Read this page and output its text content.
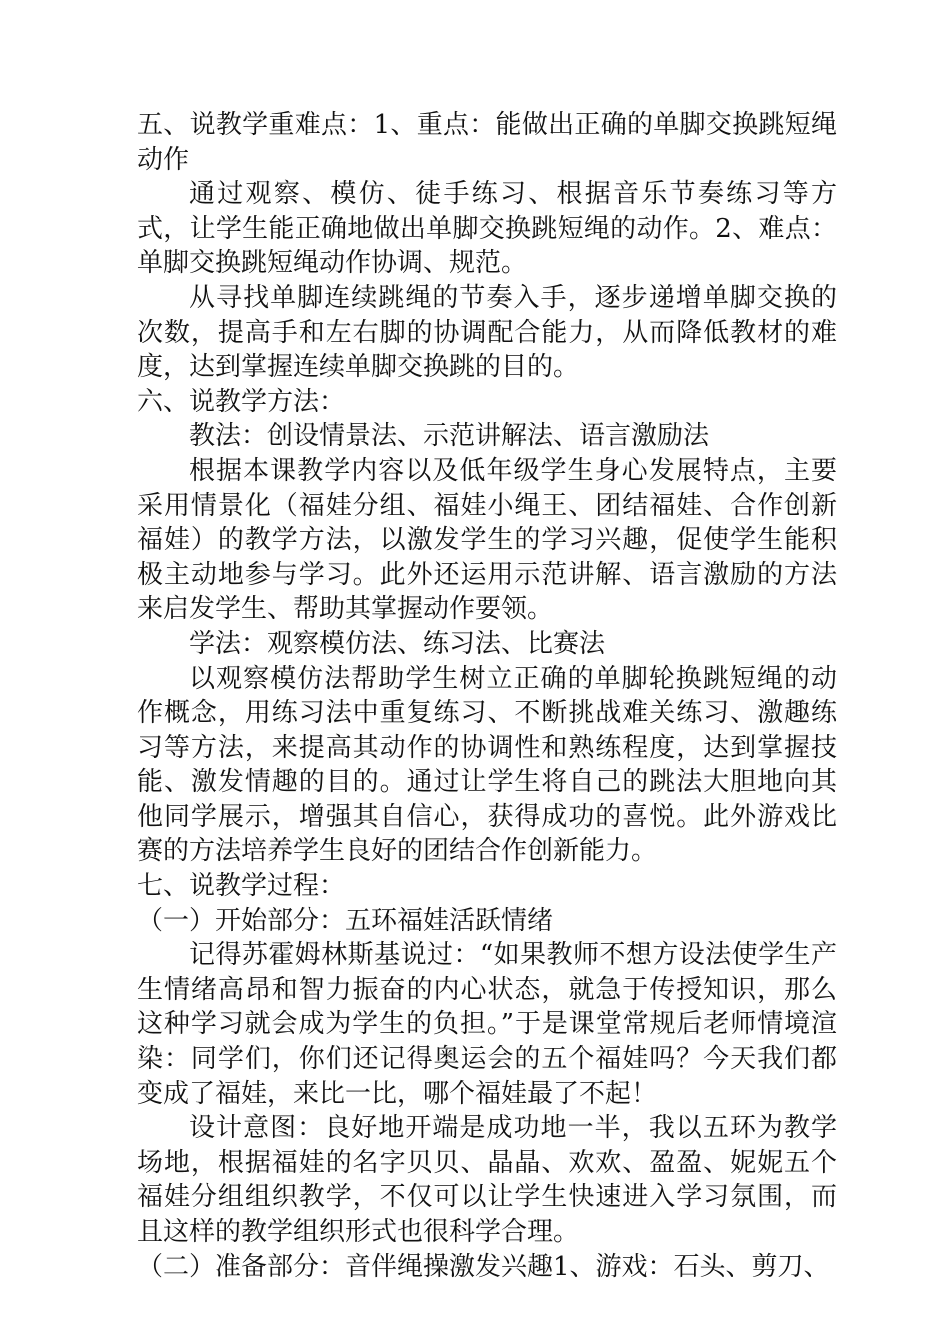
五、说教学重难点：1、重点：能做出正确的单脚交换跳短绳动作

通过观察、模仿、徒手练习、根据音乐节奏练习等方式，让学生能正确地做出单脚交换跳短绳的动作。2、难点：单脚交换跳短绳动作协调、规范。

从寻找单脚连续跳绳的节奏入手，逐步递增单脚交换的次数，提高手和左右脚的协调配合能力，从而降低教材的难度，达到掌握连续单脚交换跳的目的。

六、说教学方法：

教法：创设情景法、示范讲解法、语言激励法

根据本课教学内容以及低年级学生身心发展特点，主要采用情景化（福娃分组、福娃小绳王、团结福娃、合作创新福娃）的教学方法，以激发学生的学习兴趣，促使学生能积极主动地参与学习。此外还运用示范讲解、语言激励的方法来启发学生、帮助其掌握动作要领。

学法：观察模仿法、练习法、比赛法

以观察模仿法帮助学生树立正确的单脚轮换跳短绳的动作概念，用练习法中重复练习、不断挑战难关练习、激趣练习等方法，来提高其动作的协调性和熟练程度，达到掌握技能、激发情趣的目的。通过让学生将自己的跳法大胆地向其他同学展示，增强其自信心，获得成功的喜悦。此外游戏比赛的方法培养学生良好的团结合作创新能力。

七、说教学过程：

（一）开始部分：五环福娃活跃情绪

记得苏霍姆林斯基说过：“如果教师不想方设法使学生产生情绪高昂和智力振奋的内心状态，就急于传授知识，那么这种学习就会成为学生的负担。”于是课堂常规后老师情境渲染：同学们，你们还记得奥运会的五个福娃吗？今天我们都变成了福娃，来比一比，哪个福娃最了不起！

设计意图：良好地开端是成功地一半，我以五环为教学场地，根据福娃的名字贝贝、晶晶、欢欢、盈盈、妮妮五个福娃分组组织教学，不仅可以让学生快速进入学习氛围，而且这样的教学组织形式也很科学合理。

（二）准备部分：音伴绳操激发兴趣1、游戏：石头、剪刀、
